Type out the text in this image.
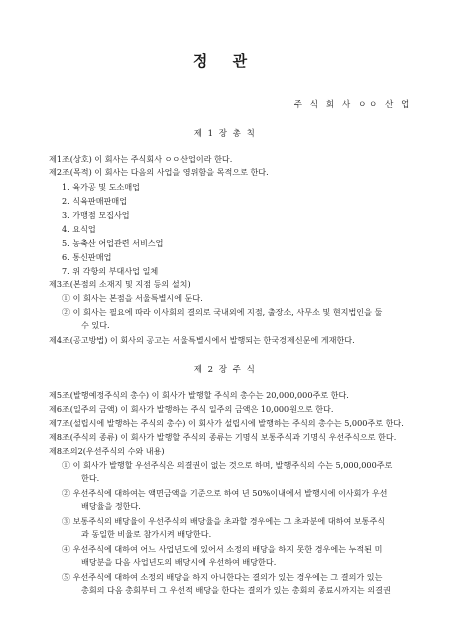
정 관
주 식 회 사 ㅇㅇ 산 업
제 1 장 총 칙
제1조(상호) 이 회사는 주식회사 ㅇㅇ산업이라 한다.
제2조(목적) 이 회사는 다음의 사업을 영위함을 목적으로 한다.
1. 육가공 및 도소매업
2. 식육판매판매업
3. 가맹점 모집사업
4. 요식업
5. 농축산 어업관련 서비스업
6. 통신판매업
7. 위 각항의 부대사업 일체
제3조(본점의 소재지 및 지점 등의 설치)
① 이 회사는 본점을 서울특별시에 둔다.
② 이 회사는 필요에 따라 이사회의 결의로 국내외에 지점, 출장소, 사무소 및 현지법인을 둘
수 있다.
제4조(공고방법) 이 회사의 공고는 서울특별시에서 발행되는 한국경제신문에 게재한다.
제 2 장 주 식
제5조(발행예정주식의 총수) 이 회사가 발행할 주식의 총수는 20,000,000주로 한다.
제6조(일주의 금액) 이 회사가 발행하는 주식 일주의 금액은 10,000원으로 한다.
제7조(설립시에 발행하는 주식의 총수) 이 회사가 설립시에 발행하는 주식의 총수는 5,000주로 한다.
제8조(주식의 종류) 이 회사가 발행할 주식의 종류는 기명식 보통주식과 기명식 우선주식으로 한다.
제8조의2(우선주식의 수와 내용)
① 이 회사가 발행할 우선주식은 의결권이 없는 것으로 하며, 발행주식의 수는 5,000,000주로
한다.
② 우선주식에 대하여는 액면금액을 기준으로 하여 년 50%이내에서 발행시에 이사회가 우선
배당율을 정한다.
③ 보통주식의 배당율이 우선주식의 배당율을 초과할 경우에는 그 초과분에 대하여 보통주식
과 동일한 비율로 참가시켜 배당한다.
④ 우선주식에 대하여 어느 사업년도에 있어서 소정의 배당을 하지 못한 경우에는 누적된 미
배당분을 다음 사업년도의 배당시에 우선하여 배당한다.
⑤ 우선주식에 대하여 소정의 배당을 하지 아니한다는 결의가 있는 경우에는 그 결의가 있는
총회의 다음 총회부터 그 우선적 배당을 한다는 결의가 있는 총회의 종료시까지는 의결권
